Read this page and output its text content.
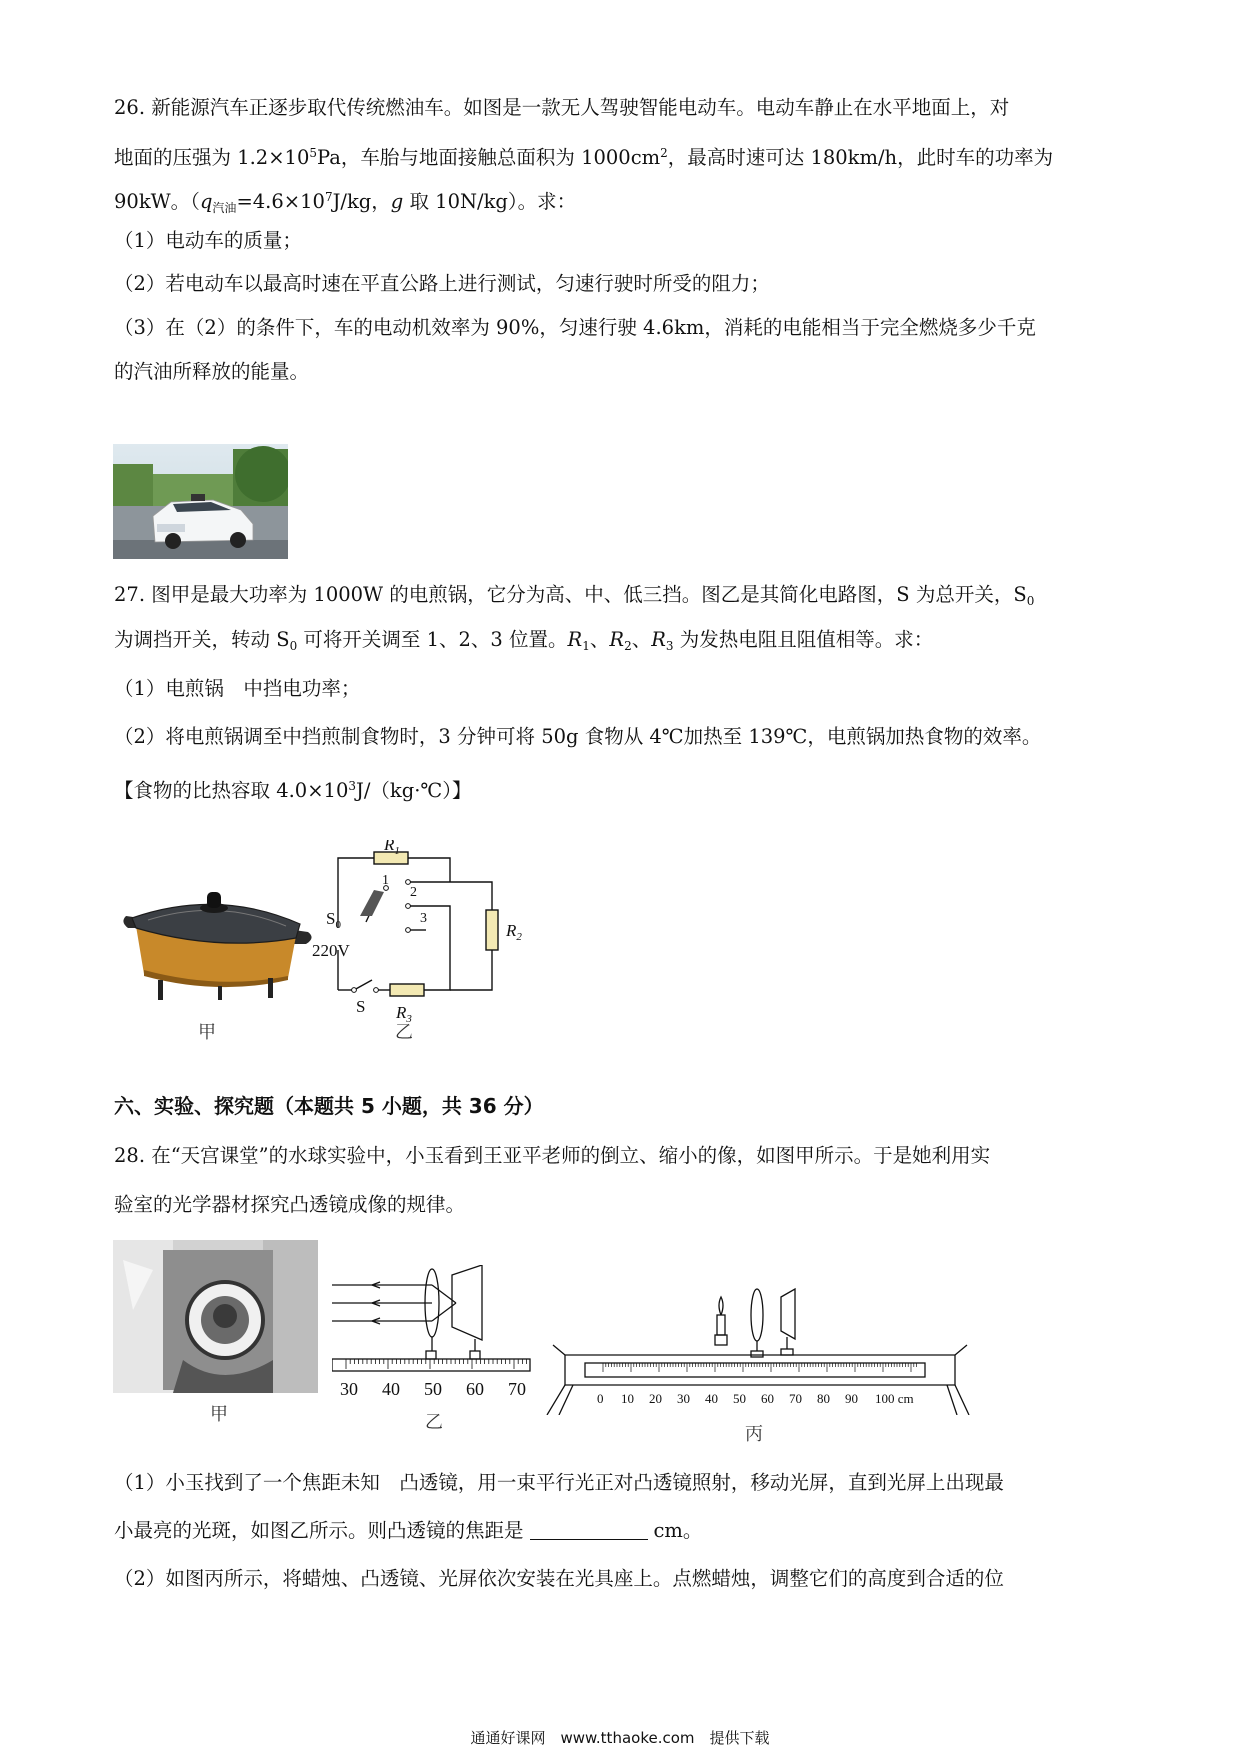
26. 新能源汽车正逐步取代传统燃油车。如图是一款无人驾驶智能电动车。电动车静止在水平地面上，对
地面的压强为 $1.2\times 10^5Pa$，车胎与地面接触总面积为 $1000cm^2$，最高时速可达 180km/h，此时车的功率为
90kW。（$q_{汽油}=4.6\times 10^7J/kg$，g 取 10N/kg）。求：
（1）电动车的质量；
（2）若电动车以最高时速在平直公路上进行测试，匀速行驶时所受的阻力；
（3）在（2）的条件下，车的电动机效率为 90%，匀速行驶 4.6km，消耗的电能相当于完全燃烧多少千克
的汽油所释放的能量。
27. 图甲是最大功率为 1000W 的电煎锅，它分为高、中、低三挡。图乙是其简化电路图，S 为总开关，$S_0$
为调挡开关，转动 $S_0$ 可将开关调至 1、2、3 位置。$R_1$、$R_2$、$R_3$ 为发热电阻且阻值相等。求：
（1）电煎锅　中挡电功率；
（2）将电煎锅调至中挡煎制食物时，3 分钟可将 50g 食物从 4℃加热至 139℃，电煎锅加热食物的效率。
【食物的比热容取 $4.0\times 10^3J/(kg\cdot℃)$】
甲
$R_1$
$R_2$
$R_3$
$S_0$
S
220V
1
2
3
乙
六、实验、探究题（本题共 5 小题，共 36 分）
28. 在“天宫课堂”的水球实验中，小玉看到王亚平老师的倒立、缩小的像，如图甲所示。于是她利用实
验室的光学器材探究凸透镜成像的规律。
甲
30 40 50 60 70
乙
0 10 20 30 40 50 60 70 80 90 100 cm
丙
（1）小玉找到了一个焦距未知　凸透镜，用一束平行光正对凸透镜照射，移动光屏，直到光屏上出现最
小最亮的光斑，如图乙所示。则凸透镜的焦距是	cm。
（2）如图丙所示，将蜡烛、凸透镜、光屏依次安装在光具座上。点燃蜡烛，调整它们的高度到合适的位
通通好课网　www.tthaoke.com　提供下载
